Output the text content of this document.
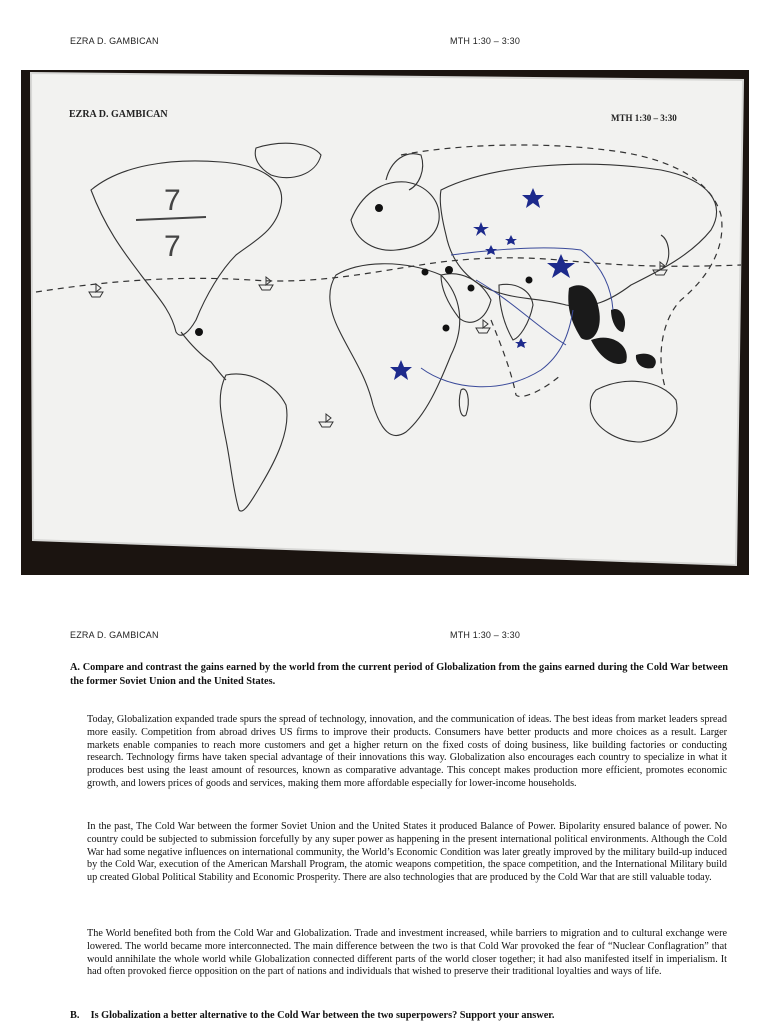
EZRA D. GAMBICAN	MTH 1:30 – 3:30
EZRA D. GAMBICAN	MTH 1:30 – 3:30
7
7
EZRA D. GAMBICAN	MTH 1:30 – 3:30
A. Compare and contrast the gains earned by the world from the current period of Globalization from the gains earned during the Cold War between the former Soviet Union and the United States.

Today, Globalization expanded trade spurs the spread of technology, innovation, and the communication of ideas. The best ideas from market leaders spread more easily. Competition from abroad drives US firms to improve their products. Consumers have better products and more choices as a result. Larger markets enable companies to reach more customers and get a higher return on the fixed costs of doing business, like building factories or conducting research. Technology firms have taken special advantage of their innovations this way. Globalization also encourages each country to specialize in what it produces best using the least amount of resources, known as comparative advantage. This concept makes production more efficient, promotes economic growth, and lowers prices of goods and services, making them more affordable especially for lower-income households.

In the past, The Cold War between the former Soviet Union and the United States it produced Balance of Power. Bipolarity ensured balance of power. No country could be subjected to submission forcefully by any super power as happening in the present international political environments. Although the Cold War had some negative influences on international community, the World’s Economic Condition was later greatly improved by the military build-up induced by the Cold War, execution of the American Marshall Program, the atomic weapons competition, the space competition, and the International Military build up created Global Political Stability and Economic Prosperity. There are also technologies that are produced by the Cold War that are still valuable today.

The World benefited both from the Cold War and Globalization. Trade and investment increased, while barriers to migration and to cultural exchange were lowered. The world became more interconnected. The main difference between the two is that Cold War provoked the fear of “Nuclear Conflagration” that would annihilate the whole world while Globalization connected different parts of the world closer together; it had also manifested itself in imperialism. It had often provoked fierce opposition on the part of nations and individuals that wished to preserve their traditional loyalties and ways of life.

B. Is Globalization a better alternative to the Cold War between the two superpowers? Support your answer.
